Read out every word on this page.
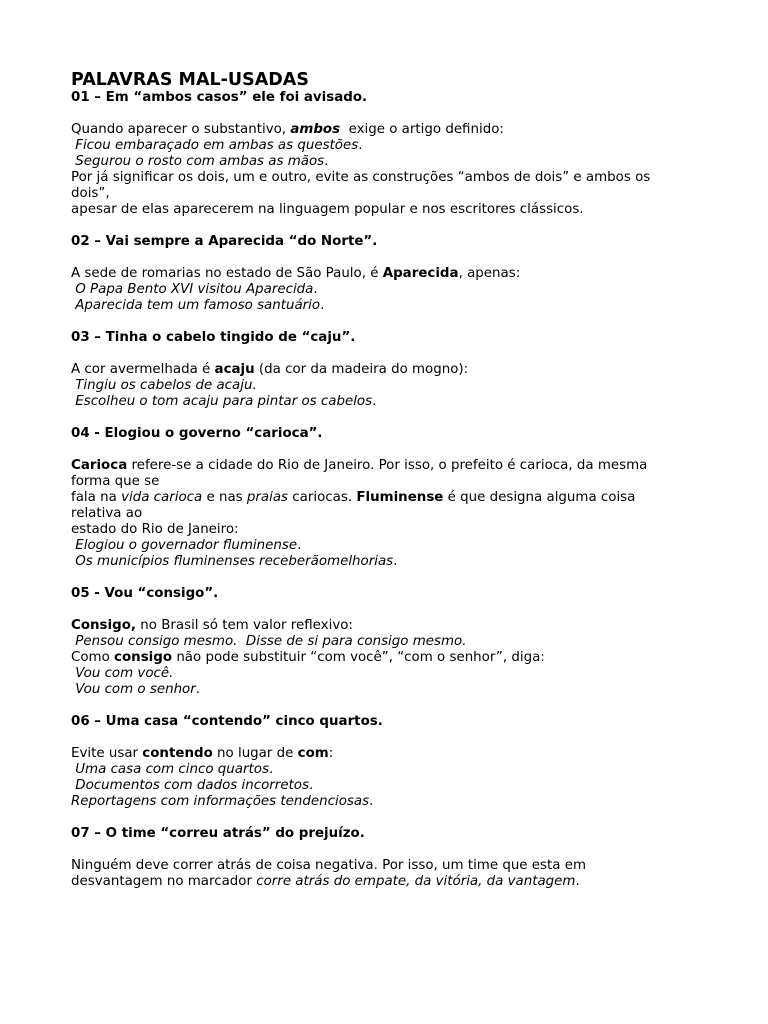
PALAVRAS MAL-USADAS
01 – Em “ambos casos” ele foi avisado.
Quando aparecer o substantivo, ambos  exige o artigo definido:
Ficou embaraçado em ambas as questões.
Segurou o rosto com ambas as mãos.
Por já significar os dois, um e outro, evite as construções “ambos de dois” e ambos os
dois”,
apesar de elas aparecerem na linguagem popular e nos escritores clássicos.
02 – Vai sempre a Aparecida “do Norte”.
A sede de romarias no estado de São Paulo, é Aparecida, apenas:
O Papa Bento XVI visitou Aparecida.
Aparecida tem um famoso santuário.
03 – Tinha o cabelo tingido de “caju”.
A cor avermelhada é acaju (da cor da madeira do mogno):
Tingiu os cabelos de acaju.
Escolheu o tom acaju para pintar os cabelos.
04 - Elogiou o governo “carioca”.
Carioca refere-se a cidade do Rio de Janeiro. Por isso, o prefeito é carioca, da mesma
forma que se
fala na vida carioca e nas praias cariocas. Fluminense é que designa alguma coisa
relativa ao
estado do Rio de Janeiro:
Elogiou o governador fluminense.
Os municípios fluminenses receberãomelhorias.
05 - Vou “consigo”.
Consigo, no Brasil só tem valor reflexivo:
Pensou consigo mesmo.  Disse de si para consigo mesmo.
Como consigo não pode substituir “com você”, “com o senhor”, diga:
Vou com você.
Vou com o senhor.
06 – Uma casa “contendo” cinco quartos.
Evite usar contendo no lugar de com:
Uma casa com cinco quartos.
Documentos com dados incorretos.
Reportagens com informações tendenciosas.
07 – O time “correu atrás” do prejuízo.
Ninguém deve correr atrás de coisa negativa. Por isso, um time que esta em
desvantagem no marcador corre atrás do empate, da vitória, da vantagem.
